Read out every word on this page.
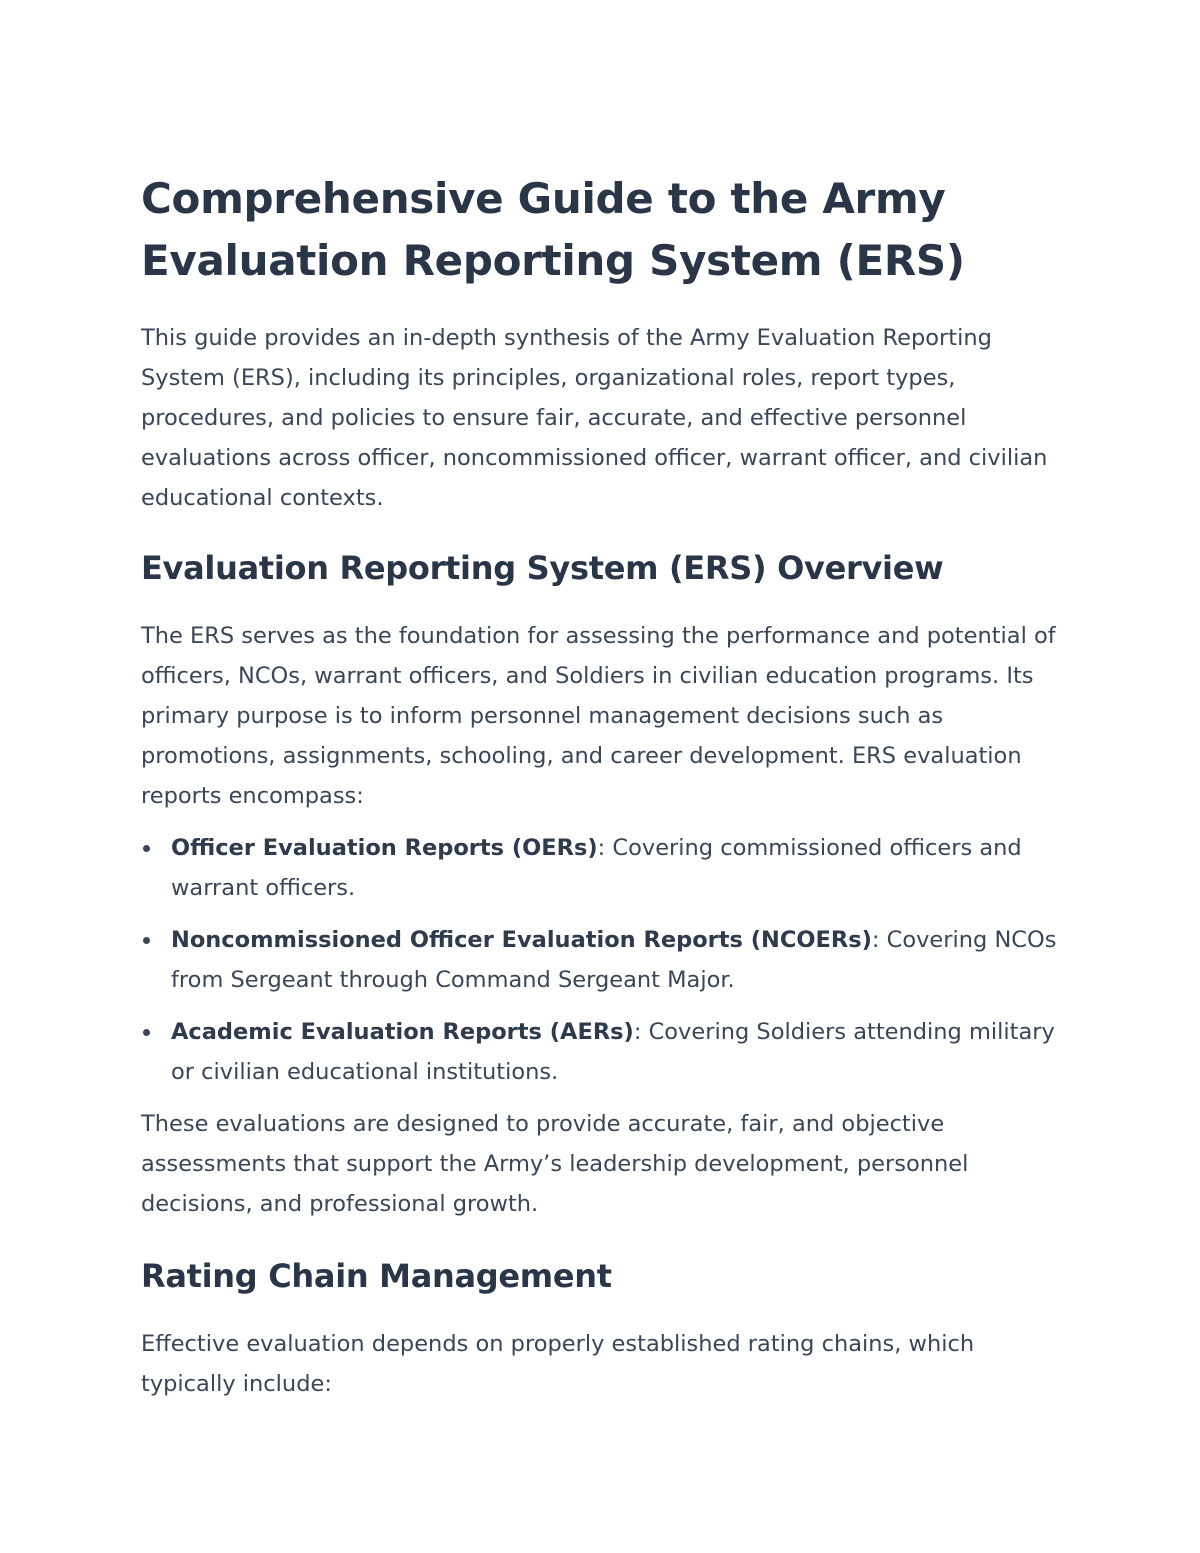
Comprehensive Guide to the Army Evaluation Reporting System (ERS)

This guide provides an in-depth synthesis of the Army Evaluation Reporting System (ERS), including its principles, organizational roles, report types, procedures, and policies to ensure fair, accurate, and effective personnel evaluations across officer, noncommissioned officer, warrant officer, and civilian educational contexts.

Evaluation Reporting System (ERS) Overview

The ERS serves as the foundation for assessing the performance and potential of officers, NCOs, warrant officers, and Soldiers in civilian education programs. Its primary purpose is to inform personnel management decisions such as promotions, assignments, schooling, and career development. ERS evaluation reports encompass:

Officer Evaluation Reports (OERs): Covering commissioned officers and warrant officers.
Noncommissioned Officer Evaluation Reports (NCOERs): Covering NCOs from Sergeant through Command Sergeant Major.
Academic Evaluation Reports (AERs): Covering Soldiers attending military or civilian educational institutions.

These evaluations are designed to provide accurate, fair, and objective assessments that support the Army’s leadership development, personnel decisions, and professional growth.

Rating Chain Management

Effective evaluation depends on properly established rating chains, which typically include:
